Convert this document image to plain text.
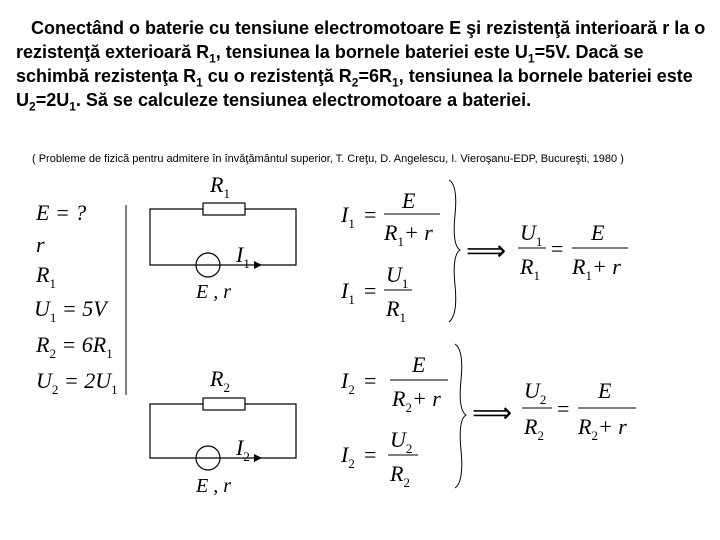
Conectând o baterie cu tensiune electromotoare E şi rezistenţă interioară r la o rezistenţă exterioară $R_1$, tensiunea la bornele bateriei este $U_1=5V$. Dacă se schimbă rezistenţa $R_1$ cu o rezistenţă $R_2=6R_1$, tensiunea la bornele bateriei este $U_2=2U_1$. Să se calculeze tensiunea electromotoare a bateriei.
( Probleme de fizică pentru admitere în învăţământul superior, T. Creţu, D. Angelescu, I. Vieroşanu-EDP, Bucureşti, 1980 )
E = ?
r
$R_1$
$U_1 = 5V$
$R_2 = 6R_1$
$U_2 = 2U_1$
$R_1$
$I_1$
E , r
$R_2$
$I_2$
E , r
$I_1$ =
E
$R_1+ r$
$I_1$ =
$U_1$
$R_1$
⟹
$U_1$
$R_1$
=
E
$R_1+ r$
$I_2$ =
E
$R_2+ r$
$I_2$ =
$U_2$
$R_2$
⟹
$U_2$
$R_2$
=
E
$R_2+ r$
